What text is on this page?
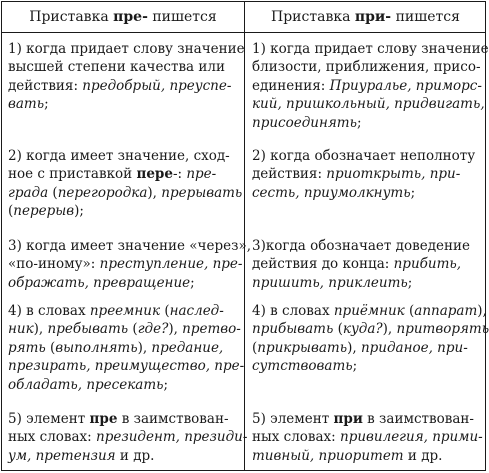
Приставка пре- пишется	Приставка при- пишется
1) когда придает слову значение
высшей степени качества или
действия: предобрый, преуспе-
вать;
1) когда придает слову значение
близости, приближения, присо-
единения: Приуралье, приморс-
кий, пришкольный, придвигать,
присоединять;
2) когда имеет значение, сход-
ное с приставкой пере-: пре-
града (перегородка), прерывать
(перерыв);
2) когда обозначает неполноту
действия: приоткрыть, при-
сесть, приумолкнуть;
3) когда имеет значение «через»,
«по-иному»: преступление, пре-
ображать, превращение;
3)когда обозначает доведение
действия до конца: прибить,
пришить, приклеить;
4) в словах преемник (наслед-
ник), пребывать (где?), претво-
рять (выполнять), предание,
презирать, преимущество, пре-
обладать, пресекать;
4) в словах приёмник (аппарат),
прибывать (куда?), притворять
(прикрывать), приданое, при-
сутствовать;
5) элемент пре в заимствован-
ных словах: президент, президи-
ум, претензия и др.
5) элемент при в заимствован-
ных словах: привилегия, прими-
тивный, приоритет и др.
